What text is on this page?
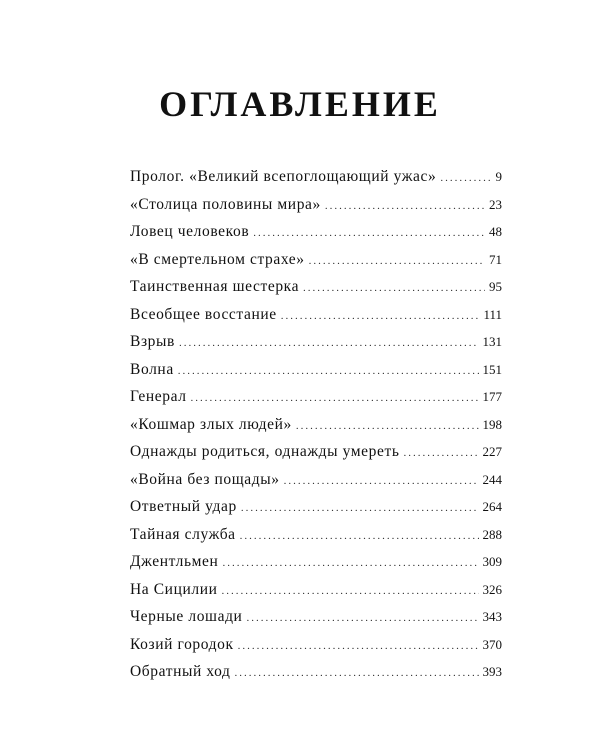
ОГЛАВЛЕНИЕ
Пролог. «Великий всепоглощающий ужас» .....	9
«Столица половины мира» .....	23
Ловец человеков .....	48
«В смертельном страхе» .....	71
Таинственная шестерка .....	95
Всеобщее восстание .....	111
Взрыв .....	131
Волна .....	151
Генерал .....	177
«Кошмар злых людей» .....	198
Однажды родиться, однажды умереть .....	227
«Война без пощады» .....	244
Ответный удар .....	264
Тайная служба .....	288
Джентльмен .....	309
На Сицилии .....	326
Черные лошади .....	343
Козий городок .....	370
Обратный ход .....	393
